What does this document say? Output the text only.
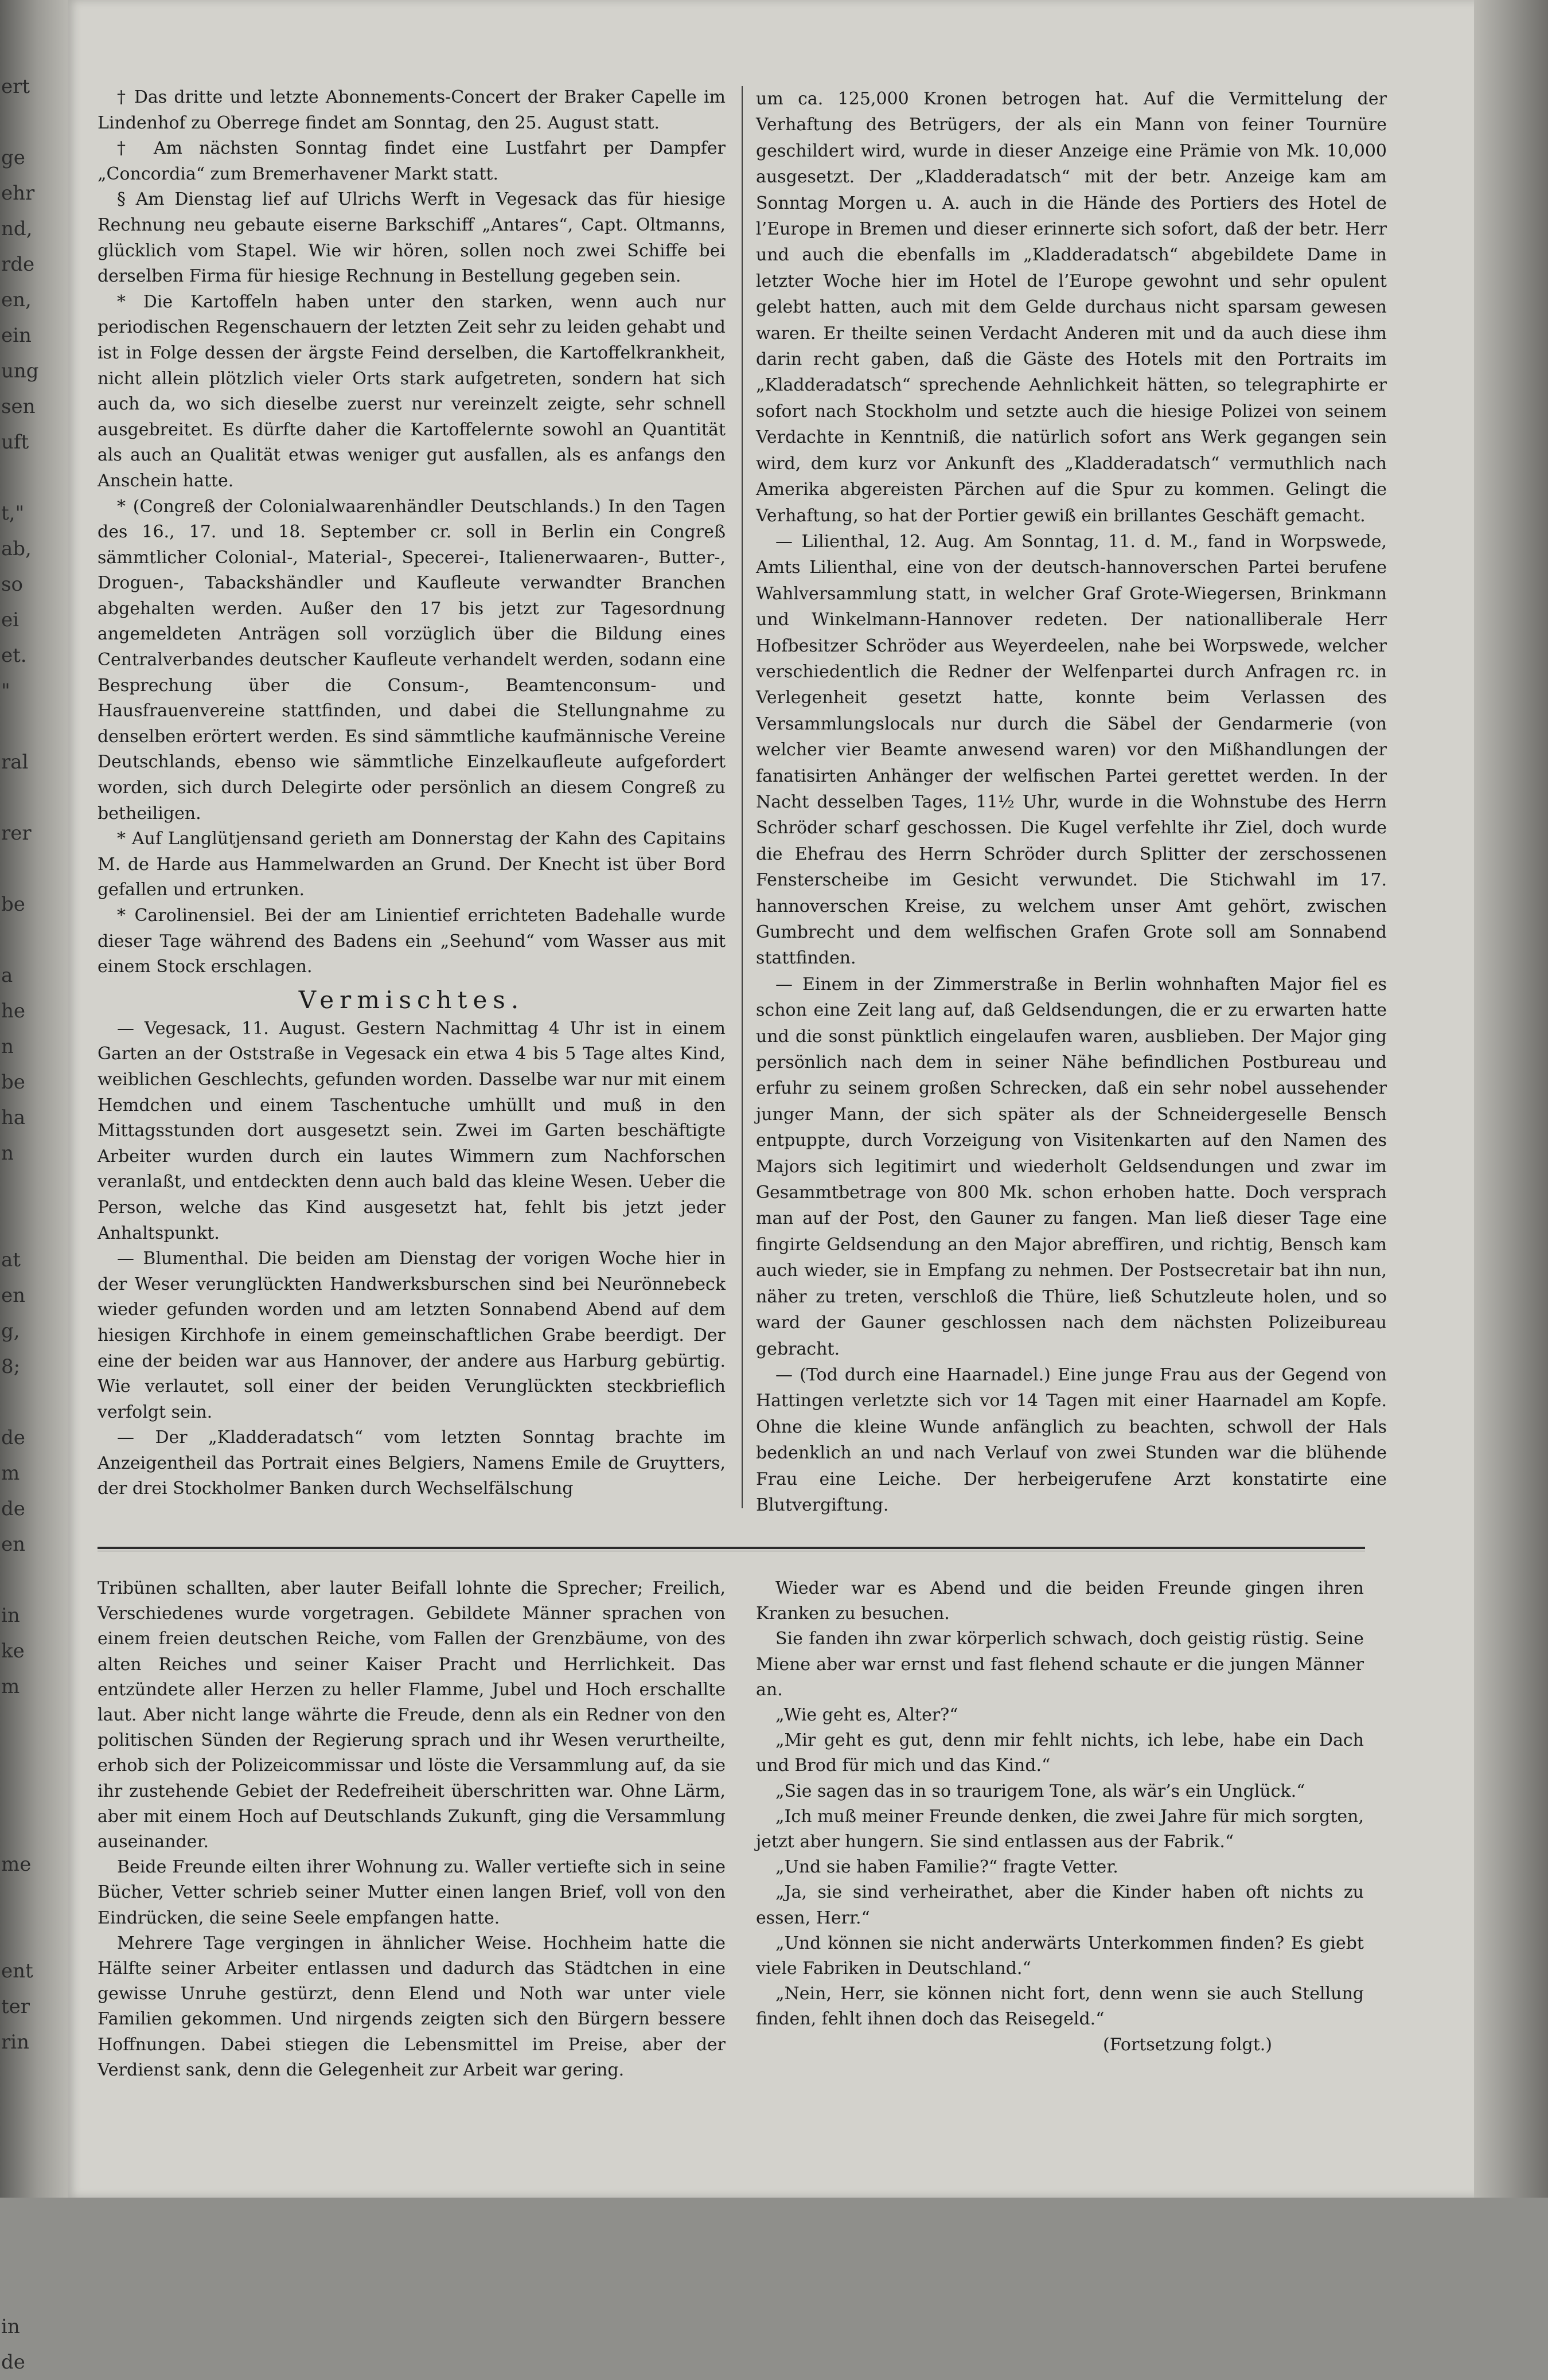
ert

ge
ehr
nd,
rde
en,
ein
ung
sen
uft

t,"
ab,
so
ei
et.
"

ral

rer

be

a
he
n
be
ha
n

at
en
g,
8;

de
m
de
en

in
ke
m

me

ent
ter
rin

in
de

† Das dritte und letzte Abonnements-Concert der Braker Capelle im Lindenhof zu Oberrege findet am Sonntag, den 25. August statt.

† Am nächsten Sonntag findet eine Lustfahrt per Dampfer „Concordia“ zum Bremerhavener Markt statt.

§ Am Dienstag lief auf Ulrichs Werft in Vegesack das für hiesige Rechnung neu gebaute eiserne Barkschiff „Antares“, Capt. Oltmanns, glücklich vom Stapel. Wie wir hören, sollen noch zwei Schiffe bei derselben Firma für hiesige Rechnung in Bestellung gegeben sein.

* Die Kartoffeln haben unter den starken, wenn auch nur periodischen Regenschauern der letzten Zeit sehr zu leiden gehabt und ist in Folge dessen der ärgste Feind derselben, die Kartoffelkrankheit, nicht allein plötzlich vieler Orts stark aufgetreten, sondern hat sich auch da, wo sich dieselbe zuerst nur vereinzelt zeigte, sehr schnell ausgebreitet. Es dürfte daher die Kartoffelernte sowohl an Quantität als auch an Qualität etwas weniger gut ausfallen, als es anfangs den Anschein hatte.

* (Congreß der Colonialwaarenhändler Deutschlands.) In den Tagen des 16., 17. und 18. September cr. soll in Berlin ein Congreß sämmtlicher Colonial-, Material-, Specerei-, Italienerwaaren-, Butter-, Droguen-, Tabackshändler und Kaufleute verwandter Branchen abgehalten werden. Außer den 17 bis jetzt zur Tagesordnung angemeldeten Anträgen soll vorzüglich über die Bildung eines Centralverbandes deutscher Kaufleute verhandelt werden, sodann eine Besprechung über die Consum-, Beamtenconsum- und Hausfrauenvereine stattfinden, und dabei die Stellungnahme zu denselben erörtert werden. Es sind sämmtliche kaufmännische Vereine Deutschlands, ebenso wie sämmtliche Einzelkaufleute aufgefordert worden, sich durch Delegirte oder persönlich an diesem Congreß zu betheiligen.

* Auf Langlütjensand gerieth am Donnerstag der Kahn des Capitains M. de Harde aus Hammelwarden an Grund. Der Knecht ist über Bord gefallen und ertrunken.

* Carolinensiel. Bei der am Linientief errichteten Badehalle wurde dieser Tage während des Badens ein „Seehund“ vom Wasser aus mit einem Stock erschlagen.

Vermischtes.

— Vegesack, 11. August. Gestern Nachmittag 4 Uhr ist in einem Garten an der Oststraße in Vegesack ein etwa 4 bis 5 Tage altes Kind, weiblichen Geschlechts, gefunden worden. Dasselbe war nur mit einem Hemdchen und einem Taschentuche umhüllt und muß in den Mittagsstunden dort ausgesetzt sein. Zwei im Garten beschäftigte Arbeiter wurden durch ein lautes Wimmern zum Nachforschen veranlaßt, und entdeckten denn auch bald das kleine Wesen. Ueber die Person, welche das Kind ausgesetzt hat, fehlt bis jetzt jeder Anhaltspunkt.

— Blumenthal. Die beiden am Dienstag der vorigen Woche hier in der Weser verunglückten Handwerksburschen sind bei Neurönnebeck wieder gefunden worden und am letzten Sonnabend Abend auf dem hiesigen Kirchhofe in einem gemeinschaftlichen Grabe beerdigt. Der eine der beiden war aus Hannover, der andere aus Harburg gebürtig. Wie verlautet, soll einer der beiden Verunglückten steckbrieflich verfolgt sein.

— Der „Kladderadatsch“ vom letzten Sonntag brachte im Anzeigentheil das Portrait eines Belgiers, Namens Emile de Gruytters, der drei Stockholmer Banken durch Wechselfälschung

um ca. 125,000 Kronen betrogen hat. Auf die Vermittelung der Verhaftung des Betrügers, der als ein Mann von feiner Tournüre geschildert wird, wurde in dieser Anzeige eine Prämie von Mk. 10,000 ausgesetzt. Der „Kladderadatsch“ mit der betr. Anzeige kam am Sonntag Morgen u. A. auch in die Hände des Portiers des Hotel de l’Europe in Bremen und dieser erinnerte sich sofort, daß der betr. Herr und auch die ebenfalls im „Kladderadatsch“ abgebildete Dame in letzter Woche hier im Hotel de l’Europe gewohnt und sehr opulent gelebt hatten, auch mit dem Gelde durchaus nicht sparsam gewesen waren. Er theilte seinen Verdacht Anderen mit und da auch diese ihm darin recht gaben, daß die Gäste des Hotels mit den Portraits im „Kladderadatsch“ sprechende Aehnlichkeit hätten, so telegraphirte er sofort nach Stockholm und setzte auch die hiesige Polizei von seinem Verdachte in Kenntniß, die natürlich sofort ans Werk gegangen sein wird, dem kurz vor Ankunft des „Kladderadatsch“ vermuthlich nach Amerika abgereisten Pärchen auf die Spur zu kommen. Gelingt die Verhaftung, so hat der Portier gewiß ein brillantes Geschäft gemacht.

— Lilienthal, 12. Aug. Am Sonntag, 11. d. M., fand in Worpswede, Amts Lilienthal, eine von der deutsch-hannoverschen Partei berufene Wahlversammlung statt, in welcher Graf Grote-Wiegersen, Brinkmann und Winkelmann-Hannover redeten. Der nationalliberale Herr Hofbesitzer Schröder aus Weyerdeelen, nahe bei Worpswede, welcher verschiedentlich die Redner der Welfenpartei durch Anfragen rc. in Verlegenheit gesetzt hatte, konnte beim Verlassen des Versammlungslocals nur durch die Säbel der Gendarmerie (von welcher vier Beamte anwesend waren) vor den Mißhandlungen der fanatisirten Anhänger der welfischen Partei gerettet werden. In der Nacht desselben Tages, 11½ Uhr, wurde in die Wohnstube des Herrn Schröder scharf geschossen. Die Kugel verfehlte ihr Ziel, doch wurde die Ehefrau des Herrn Schröder durch Splitter der zerschossenen Fensterscheibe im Gesicht verwundet. Die Stichwahl im 17. hannoverschen Kreise, zu welchem unser Amt gehört, zwischen Gumbrecht und dem welfischen Grafen Grote soll am Sonnabend stattfinden.

— Einem in der Zimmerstraße in Berlin wohnhaften Major fiel es schon eine Zeit lang auf, daß Geldsendungen, die er zu erwarten hatte und die sonst pünktlich eingelaufen waren, ausblieben. Der Major ging persönlich nach dem in seiner Nähe befindlichen Postbureau und erfuhr zu seinem großen Schrecken, daß ein sehr nobel aussehender junger Mann, der sich später als der Schneidergeselle Bensch entpuppte, durch Vorzeigung von Visitenkarten auf den Namen des Majors sich legitimirt und wiederholt Geldsendungen und zwar im Gesammtbetrage von 800 Mk. schon erhoben hatte. Doch versprach man auf der Post, den Gauner zu fangen. Man ließ dieser Tage eine fingirte Geldsendung an den Major abreffiren, und richtig, Bensch kam auch wieder, sie in Empfang zu nehmen. Der Postsecretair bat ihn nun, näher zu treten, verschloß die Thüre, ließ Schutzleute holen, und so ward der Gauner geschlossen nach dem nächsten Polizeibureau gebracht.

— (Tod durch eine Haarnadel.) Eine junge Frau aus der Gegend von Hattingen verletzte sich vor 14 Tagen mit einer Haarnadel am Kopfe. Ohne die kleine Wunde anfänglich zu beachten, schwoll der Hals bedenklich an und nach Verlauf von zwei Stunden war die blühende Frau eine Leiche. Der herbeigerufene Arzt konstatirte eine Blutvergiftung.

Tribünen schallten, aber lauter Beifall lohnte die Sprecher; Freilich, Verschiedenes wurde vorgetragen. Gebildete Männer sprachen von einem freien deutschen Reiche, vom Fallen der Grenzbäume, von des alten Reiches und seiner Kaiser Pracht und Herrlichkeit. Das entzündete aller Herzen zu heller Flamme, Jubel und Hoch erschallte laut. Aber nicht lange währte die Freude, denn als ein Redner von den politischen Sünden der Regierung sprach und ihr Wesen verurtheilte, erhob sich der Polizeicommissar und löste die Versammlung auf, da sie ihr zustehende Gebiet der Redefreiheit überschritten war. Ohne Lärm, aber mit einem Hoch auf Deutschlands Zukunft, ging die Versammlung auseinander.

Beide Freunde eilten ihrer Wohnung zu. Waller vertiefte sich in seine Bücher, Vetter schrieb seiner Mutter einen langen Brief, voll von den Eindrücken, die seine Seele empfangen hatte.

Mehrere Tage vergingen in ähnlicher Weise. Hochheim hatte die Hälfte seiner Arbeiter entlassen und dadurch das Städtchen in eine gewisse Unruhe gestürzt, denn Elend und Noth war unter viele Familien gekommen. Und nirgends zeigten sich den Bürgern bessere Hoffnungen. Dabei stiegen die Lebensmittel im Preise, aber der Verdienst sank, denn die Gelegenheit zur Arbeit war gering.

Wieder war es Abend und die beiden Freunde gingen ihren Kranken zu besuchen.

Sie fanden ihn zwar körperlich schwach, doch geistig rüstig. Seine Miene aber war ernst und fast flehend schaute er die jungen Männer an.

„Wie geht es, Alter?“

„Mir geht es gut, denn mir fehlt nichts, ich lebe, habe ein Dach und Brod für mich und das Kind.“

„Sie sagen das in so traurigem Tone, als wär’s ein Unglück.“

„Ich muß meiner Freunde denken, die zwei Jahre für mich sorgten, jetzt aber hungern. Sie sind entlassen aus der Fabrik.“

„Und sie haben Familie?“ fragte Vetter.

„Ja, sie sind verheirathet, aber die Kinder haben oft nichts zu essen, Herr.“

„Und können sie nicht anderwärts Unterkommen finden? Es giebt viele Fabriken in Deutschland.“

„Nein, Herr, sie können nicht fort, denn wenn sie auch Stellung finden, fehlt ihnen doch das Reisegeld.“

(Fortsetzung folgt.)
